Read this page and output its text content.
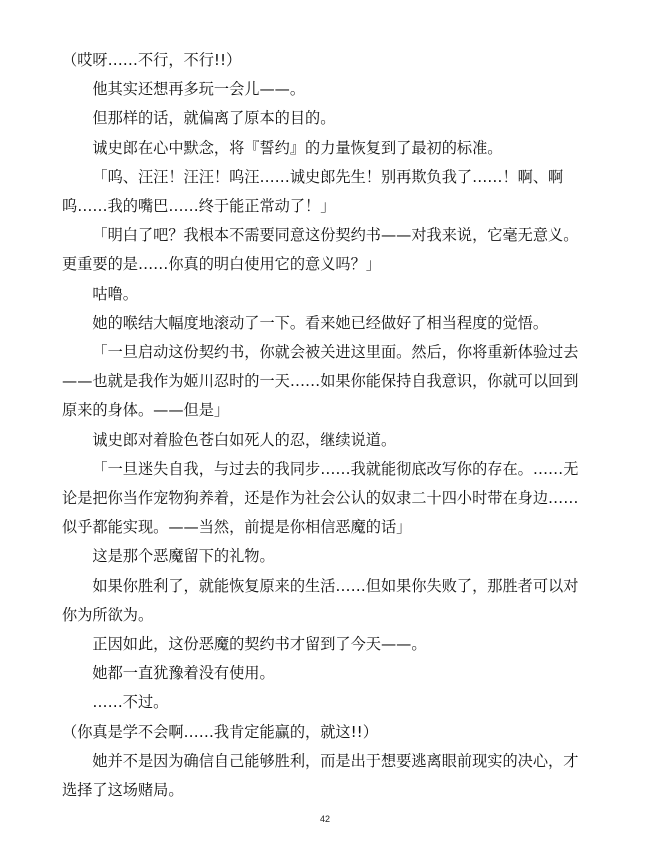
（哎呀……不行，不行!!）

他其实还想再多玩一会儿——。

但那样的话，就偏离了原本的目的。

诚史郎在心中默念，将『誓约』的力量恢复到了最初的标准。

「呜、汪汪！汪汪！呜汪……诚史郎先生！别再欺负我了……！啊、啊呜……我的嘴巴……终于能正常动了！」

「明白了吧？我根本不需要同意这份契约书——对我来说，它毫无意义。更重要的是……你真的明白使用它的意义吗？」

咕噜。

她的喉结大幅度地滚动了一下。看来她已经做好了相当程度的觉悟。

「一旦启动这份契约书，你就会被关进这里面。然后，你将重新体验过去——也就是我作为姬川忍时的一天……如果你能保持自我意识，你就可以回到原来的身体。——但是」

诚史郎对着脸色苍白如死人的忍，继续说道。

「一旦迷失自我，与过去的我同步……我就能彻底改写你的存在。……无论是把你当作宠物狗养着，还是作为社会公认的奴隶二十四小时带在身边……似乎都能实现。——当然，前提是你相信恶魔的话」

这是那个恶魔留下的礼物。

如果你胜利了，就能恢复原来的生活……但如果你失败了，那胜者可以对你为所欲为。

正因如此，这份恶魔的契约书才留到了今天——。

她都一直犹豫着没有使用。

……不过。

（你真是学不会啊……我肯定能赢的，就这!!）

她并不是因为确信自己能够胜利，而是出于想要逃离眼前现实的决心，才选择了这场赌局。

42
